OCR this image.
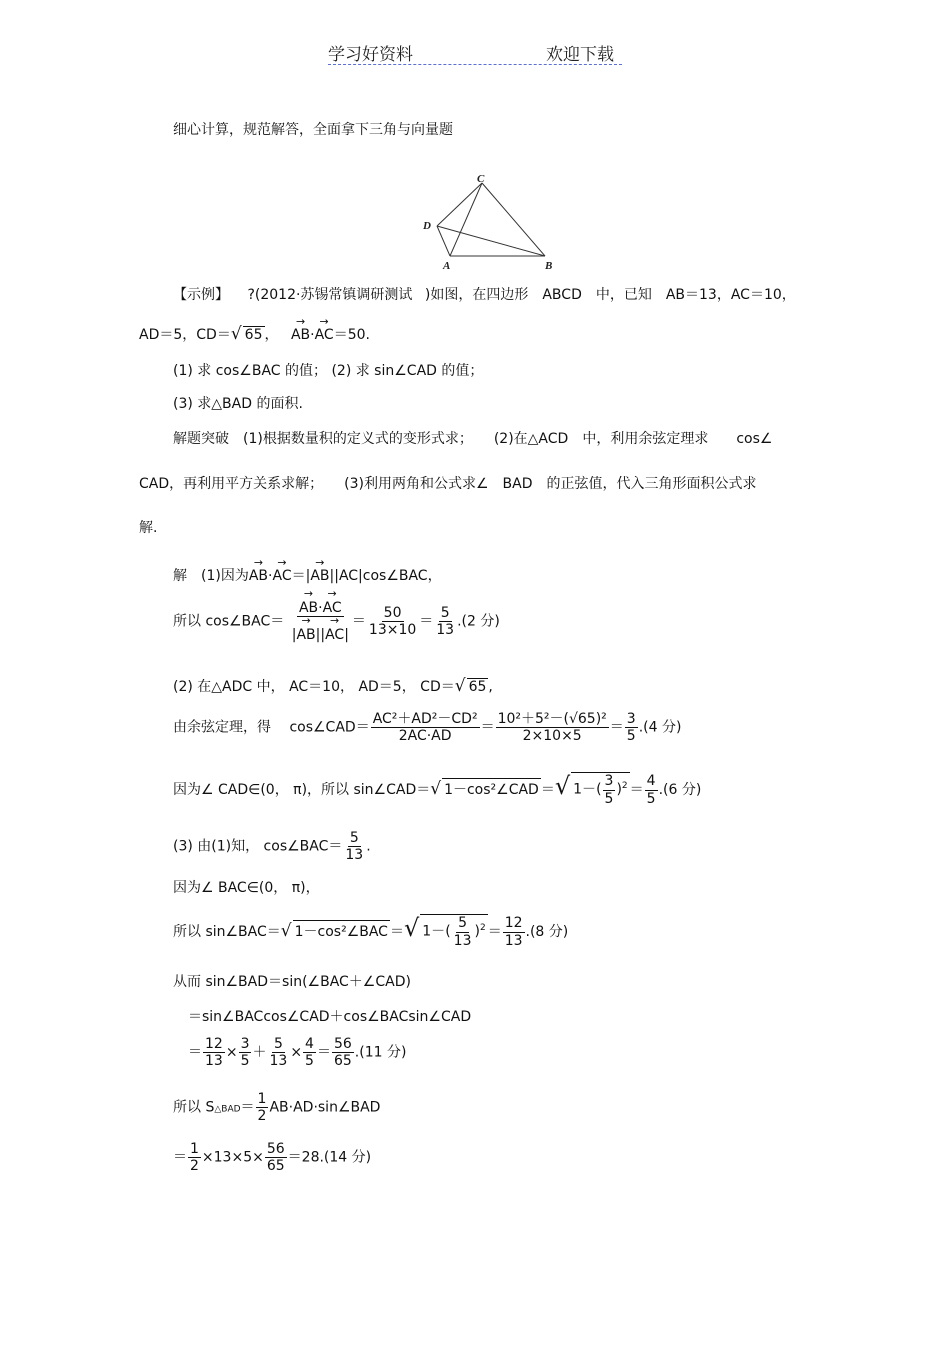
学习好资料	欢迎下载
细心计算，规范解答，全面拿下三角与向量题
C
D
A	B
【示例】 ?(2012·苏锡常镇调研测试 )如图，在四边形　ABCD　中，已知　AB＝13，AC＝10，
AD＝5，CD＝√ 65 ， → AB·→ AC＝50.
(1) 求 cos∠BAC 的值； (2) 求 sin∠CAD 的值；
(3) 求△BAD 的面积.
解题突破　(1)根据数量积的定义式的变形式求；　　(2)在△ACD　中，利用余弦定理求　　cos∠
CAD，再利用平方关系求解；　　(3)利用两角和公式求∠　BAD　的正弦值，代入三角形面积公式求
解.
解　(1)因为→ AB·→ AC＝|→ AB||AC|cos∠BAC，
所以 cos∠BAC＝ → $\frac{AB\cdot\to AC}{|\to AB||\to AC|} = \frac{50}{13\times 10} = \frac{5}{13} .(2$ 分)
(2) 在△ADC 中， AC＝10， AD＝5， CD＝√ 65 ,
由余弦定理，得　 cos∠CAD＝ $\frac{\text{AC²＋AD²－CD²}}{2AC\cdot AD} = \frac{\text{10²＋5²－(√65)²}}{2\times 10\times 5} = \frac{3}{5} .(4$ 分)
因为∠ CAD∈(0， π)，所以 sin∠CAD＝√ 1－cos²∠CAD ＝√ $1-( \frac{3}{5} )^2 = \frac{4}{5} .(6$ 分)
(3) 由(1)知， cos∠BAC＝ $\frac{5}{13}$ .
因为∠ BAC∈(0， π)，
所以 sin∠BAC＝√ 1－cos²∠BAC ＝√ $1-( \frac{5}{13} )^2 = \frac{12}{13} .(8$ 分)
从而 sin∠BAD＝sin(∠BAC＋∠CAD)
＝sin∠BACcos∠CAD＋cos∠BACsin∠CAD
＝ $\frac{12}{13} \times \frac{3}{5} + \frac{5}{13} \times \frac{4}{5} = \frac{56}{65} .(11$ 分)
所以 S△BAD＝ $\frac{1}{2}$ AB·AD·sin∠BAD
＝ $\frac{1}{2} \times 13\times 5\times \frac{56}{65} =28.(14$ 分)
